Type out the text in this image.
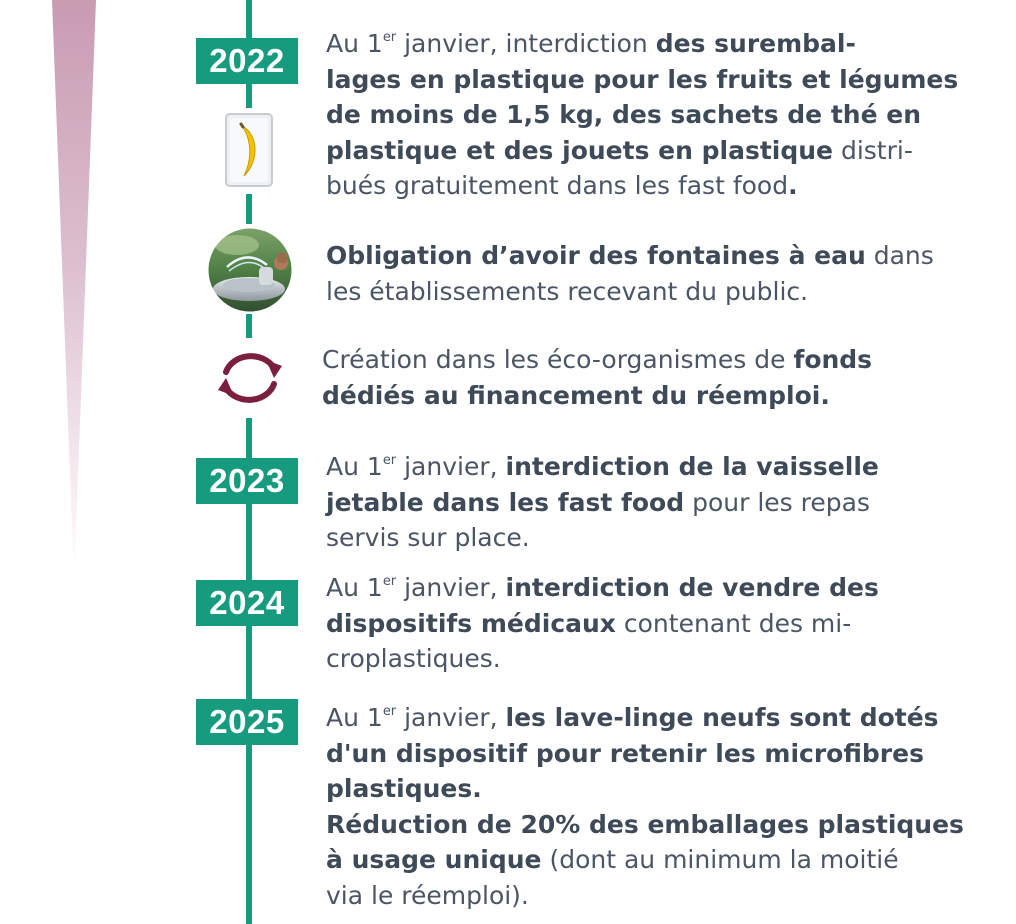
2022
2023
2024
2025
Au 1er janvier, interdiction des surembal-
lages en plastique pour les fruits et légumes
de moins de 1,5 kg, des sachets de thé en
plastique et des jouets en plastique distri-
bués gratuitement dans les fast food.
Obligation d’avoir des fontaines à eau dans
les établissements recevant du public.
Création dans les éco-organismes de fonds
dédiés au financement du réemploi.
Au 1er janvier, interdiction de la vaisselle
jetable dans les fast food pour les repas
servis sur place.
Au 1er janvier, interdiction de vendre des
dispositifs médicaux contenant des mi-
croplastiques.
Au 1er janvier, les lave-linge neufs sont dotés
d'un dispositif pour retenir les microfibres
plastiques.
Réduction de 20% des emballages plastiques
à usage unique (dont au minimum la moitié
via le réemploi).
